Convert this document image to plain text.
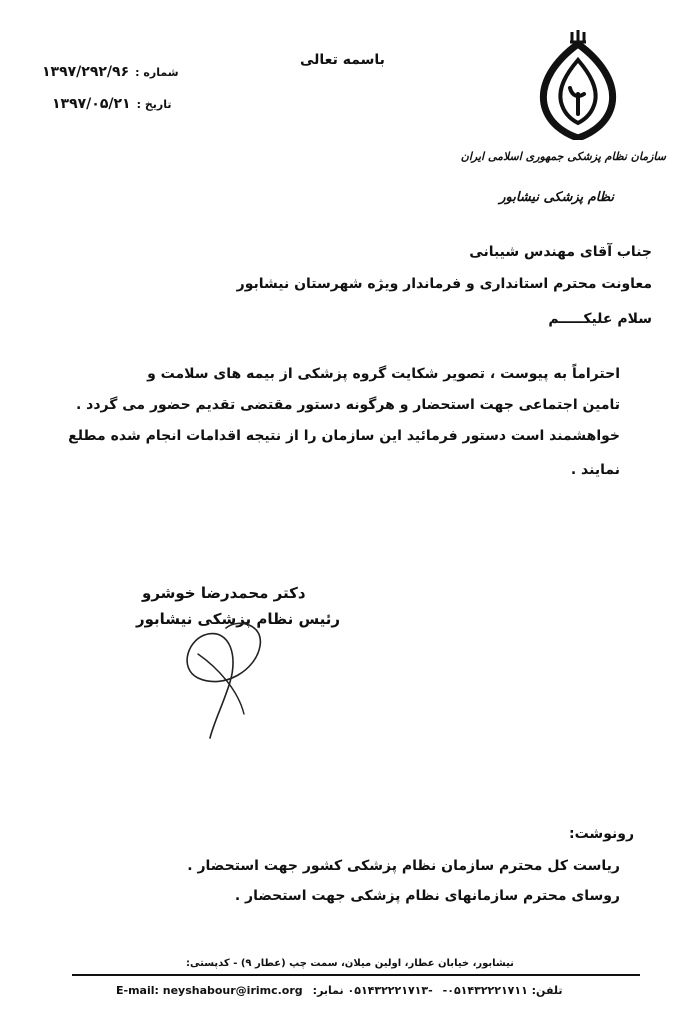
سازمان نظام پزشکی جمهوری اسلامی ایران
نظام پزشکی نیشابور
باسمه تعالی
۱۳۹۷/۲۹۲/۹۶ شماره :
۱۳۹۷/۰۵/۲۱ تاریخ :
جناب آقای مهندس شیبانی
معاونت محترم استانداری و فرماندار ویژه شهرستان نیشابور
سلام علیکـــــم
احتراماً به پیوست ، تصویر شکایت گروه پزشکی از بیمه های سلامت و
تامین اجتماعی جهت استحضار و هرگونه دستور مقتضی تقدیم حضور می گردد .
خواهشمند است دستور فرمائید این سازمان را از نتیجه اقدامات انجام شده مطلع
نمایند .
دکتر محمدرضا خوشرو
رئیس نظام پزشکی نیشابور
رونوشت:
ریاست کل محترم سازمان نظام پزشکی کشور جهت استحضار .
روسای محترم سازمانهای نظام پزشکی جهت استحضار .
نیشابور، خیابان عطار، اولین میلان، سمت چپ (عطار ۹) - کدپستی:
E-mail: neyshabour@irimc.org -۰۵۱۴۳۲۲۲۱۷۱۳ نمابر: تلفن: ۰۵۱۴۳۲۲۲۱۷۱۱-
